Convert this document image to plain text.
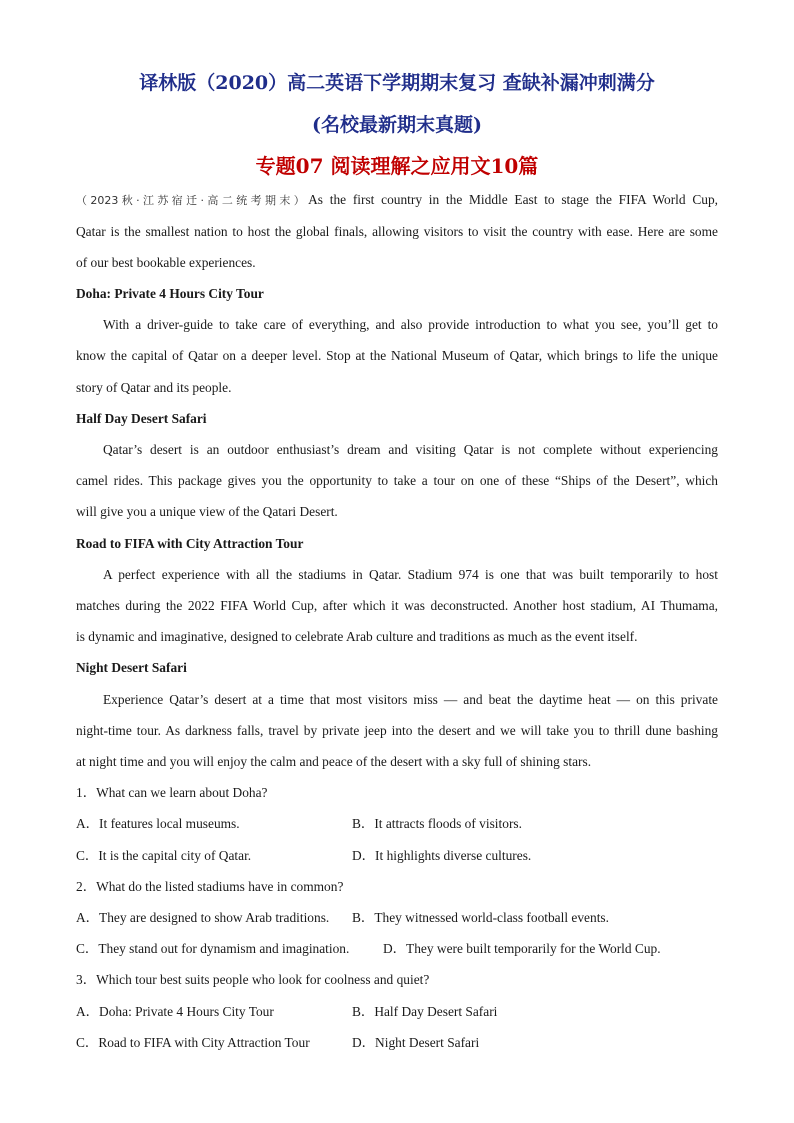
译林版（2020）高二英语下学期期末复习 查缺补漏冲刺满分
(名校最新期末真题)
专题07 阅读理解之应用文10篇
（2023秋·江苏宿迁·高二统考期末）As the first country in the Middle East to stage the FIFA World Cup,
Qatar is the smallest nation to host the global finals, allowing visitors to visit the country with ease. Here are some
of our best bookable experiences.
Doha: Private 4 Hours City Tour
With a driver-guide to take care of everything, and also provide introduction to what you see, you’ll get to
know the capital of Qatar on a deeper level. Stop at the National Museum of Qatar, which brings to life the unique
story of Qatar and its people.
Half Day Desert Safari
Qatar’s desert is an outdoor enthusiast’s dream and visiting Qatar is not complete without experiencing
camel rides. This package gives you the opportunity to take a tour on one of these “Ships of the Desert”, which
will give you a unique view of the Qatari Desert.
Road to FIFA with City Attraction Tour
A perfect experience with all the stadiums in Qatar. Stadium 974 is one that was built temporarily to host
matches during the 2022 FIFA World Cup, after which it was deconstructed. Another host stadium, AI Thumama,
is dynamic and imaginative, designed to celebrate Arab culture and traditions as much as the event itself.
Night Desert Safari
Experience Qatar’s desert at a time that most visitors miss — and beat the daytime heat — on this private
night-time tour. As darkness falls, travel by private jeep into the desert and we will take you to thrill dune bashing
at night time and you will enjoy the calm and peace of the desert with a sky full of shining stars.
1．What can we learn about Doha?
A．It features local museums.	B．It attracts floods of visitors.
C．It is the capital city of Qatar.	D．It highlights diverse cultures.
2．What do the listed stadiums have in common?
A．They are designed to show Arab traditions. B．They witnessed world-class football events.
C．They stand out for dynamism and imagination.	D．They were built temporarily for the World Cup.
3．Which tour best suits people who look for coolness and quiet?
A．Doha: Private 4 Hours City Tour	B．Half Day Desert Safari
C．Road to FIFA with City Attraction Tour	D．Night Desert Safari
